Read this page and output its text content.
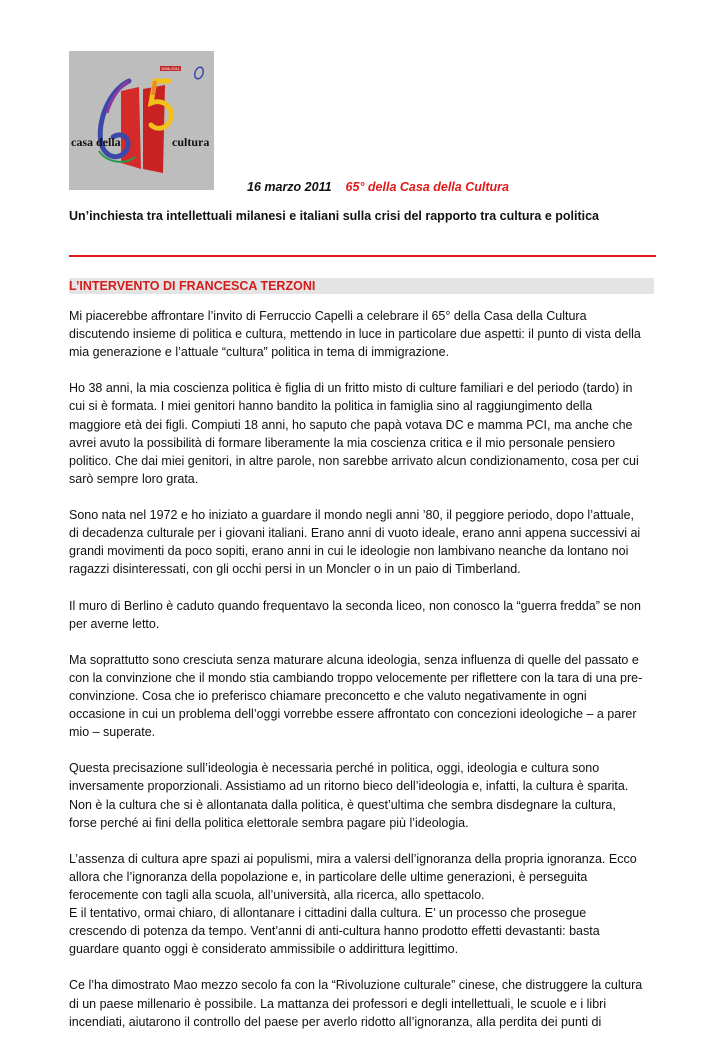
1946-2011
casa della	cultura
16 marzo 2011 65° della Casa della Cultura
Un’inchiesta tra intellettuali milanesi e italiani sulla crisi del rapporto tra cultura e politica
L’INTERVENTO DI FRANCESCA TERZONI

Mi piacerebbe affrontare l’invito di Ferruccio Capelli a celebrare il 65° della Casa della Cultura
discutendo insieme di politica e cultura, mettendo in luce in particolare due aspetti: il punto di vista della
mia generazione e l’attuale “cultura” politica in tema di immigrazione.

Ho 38 anni, la mia coscienza politica è figlia di un fritto misto di culture familiari e del periodo (tardo) in
cui si è formata. I miei genitori hanno bandito la politica in famiglia sino al raggiungimento della
maggiore età dei figli. Compiuti 18 anni, ho saputo che papà votava DC e mamma PCI, ma anche che
avrei avuto la possibilità di formare liberamente la mia coscienza critica e il mio personale pensiero
politico. Che dai miei genitori, in altre parole, non sarebbe arrivato alcun condizionamento, cosa per cui
sarò sempre loro grata.

Sono nata nel 1972 e ho iniziato a guardare il mondo negli anni ’80, il peggiore periodo, dopo l’attuale,
di decadenza culturale per i giovani italiani. Erano anni di vuoto ideale, erano anni appena successivi ai
grandi movimenti da poco sopiti, erano anni in cui le ideologie non lambivano neanche da lontano noi
ragazzi disinteressati, con gli occhi persi in un Moncler o in un paio di Timberland.

Il muro di Berlino è caduto quando frequentavo la seconda liceo, non conosco la “guerra fredda” se non
per averne letto.

Ma soprattutto sono cresciuta senza maturare alcuna ideologia, senza influenza di quelle del passato e
con la convinzione che il mondo stia cambiando troppo velocemente per riflettere con la tara di una pre-
convinzione. Cosa che io preferisco chiamare preconcetto e che valuto negativamente in ogni
occasione in cui un problema dell’oggi vorrebbe essere affrontato con concezioni ideologiche – a parer
mio – superate.

Questa precisazione sull’ideologia è necessaria perché in politica, oggi, ideologia e cultura sono
inversamente proporzionali. Assistiamo ad un ritorno bieco dell’ideologia e, infatti, la cultura è sparita.
Non è la cultura che si è allontanata dalla politica, è quest’ultima che sembra disdegnare la cultura,
forse perché ai fini della politica elettorale sembra pagare più l’ideologia.

L’assenza di cultura apre spazi ai populismi, mira a valersi dell’ignoranza della propria ignoranza. Ecco
allora che l’ignoranza della popolazione e, in particolare delle ultime generazioni, è perseguita
ferocemente con tagli alla scuola, all’università, alla ricerca, allo spettacolo.

E il tentativo, ormai chiaro, di allontanare i cittadini dalla cultura. E’ un processo che prosegue
crescendo di potenza da tempo. Vent’anni di anti-cultura hanno prodotto effetti devastanti: basta
guardare quanto oggi è considerato ammissibile o addirittura legittimo.

Ce l’ha dimostrato Mao mezzo secolo fa con la “Rivoluzione culturale” cinese, che distruggere la cultura
di un paese millenario è possibile. La mattanza dei professori e degli intellettuali, le scuole e i libri
incendiati, aiutarono il controllo del paese per averlo ridotto all’ignoranza, alla perdita dei punti di
